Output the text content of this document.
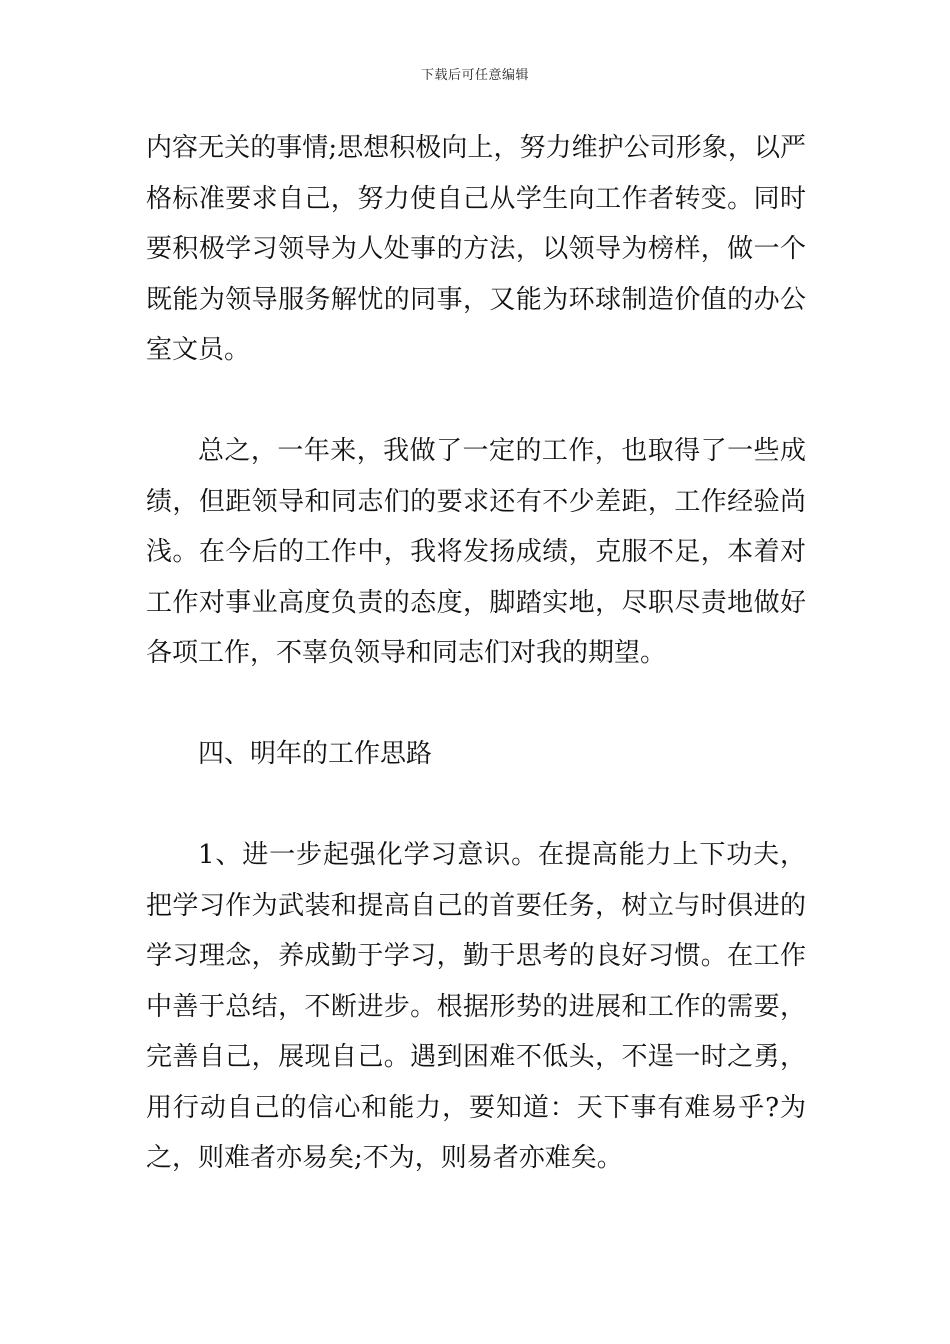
下载后可任意编辑

内容无关的事情;思想积极向上，努力维护公司形象，以严格标准要求自己，努力使自己从学生向工作者转变。同时要积极学习领导为人处事的方法，以领导为榜样，做一个既能为领导服务解忧的同事，又能为环球制造价值的办公室文员。

总之，一年来，我做了一定的工作，也取得了一些成绩，但距领导和同志们的要求还有不少差距，工作经验尚浅。在今后的工作中，我将发扬成绩，克服不足，本着对工作对事业高度负责的态度，脚踏实地，尽职尽责地做好各项工作，不辜负领导和同志们对我的期望。

四、明年的工作思路

1、进一步起强化学习意识。在提高能力上下功夫，把学习作为武装和提高自己的首要任务，树立与时俱进的学习理念，养成勤于学习，勤于思考的良好习惯。在工作中善于总结，不断进步。根据形势的进展和工作的需要，完善自己，展现自己。遇到困难不低头，不逞一时之勇，用行动自己的信心和能力，要知道：天下事有难易乎?为之，则难者亦易矣;不为，则易者亦难矣。
